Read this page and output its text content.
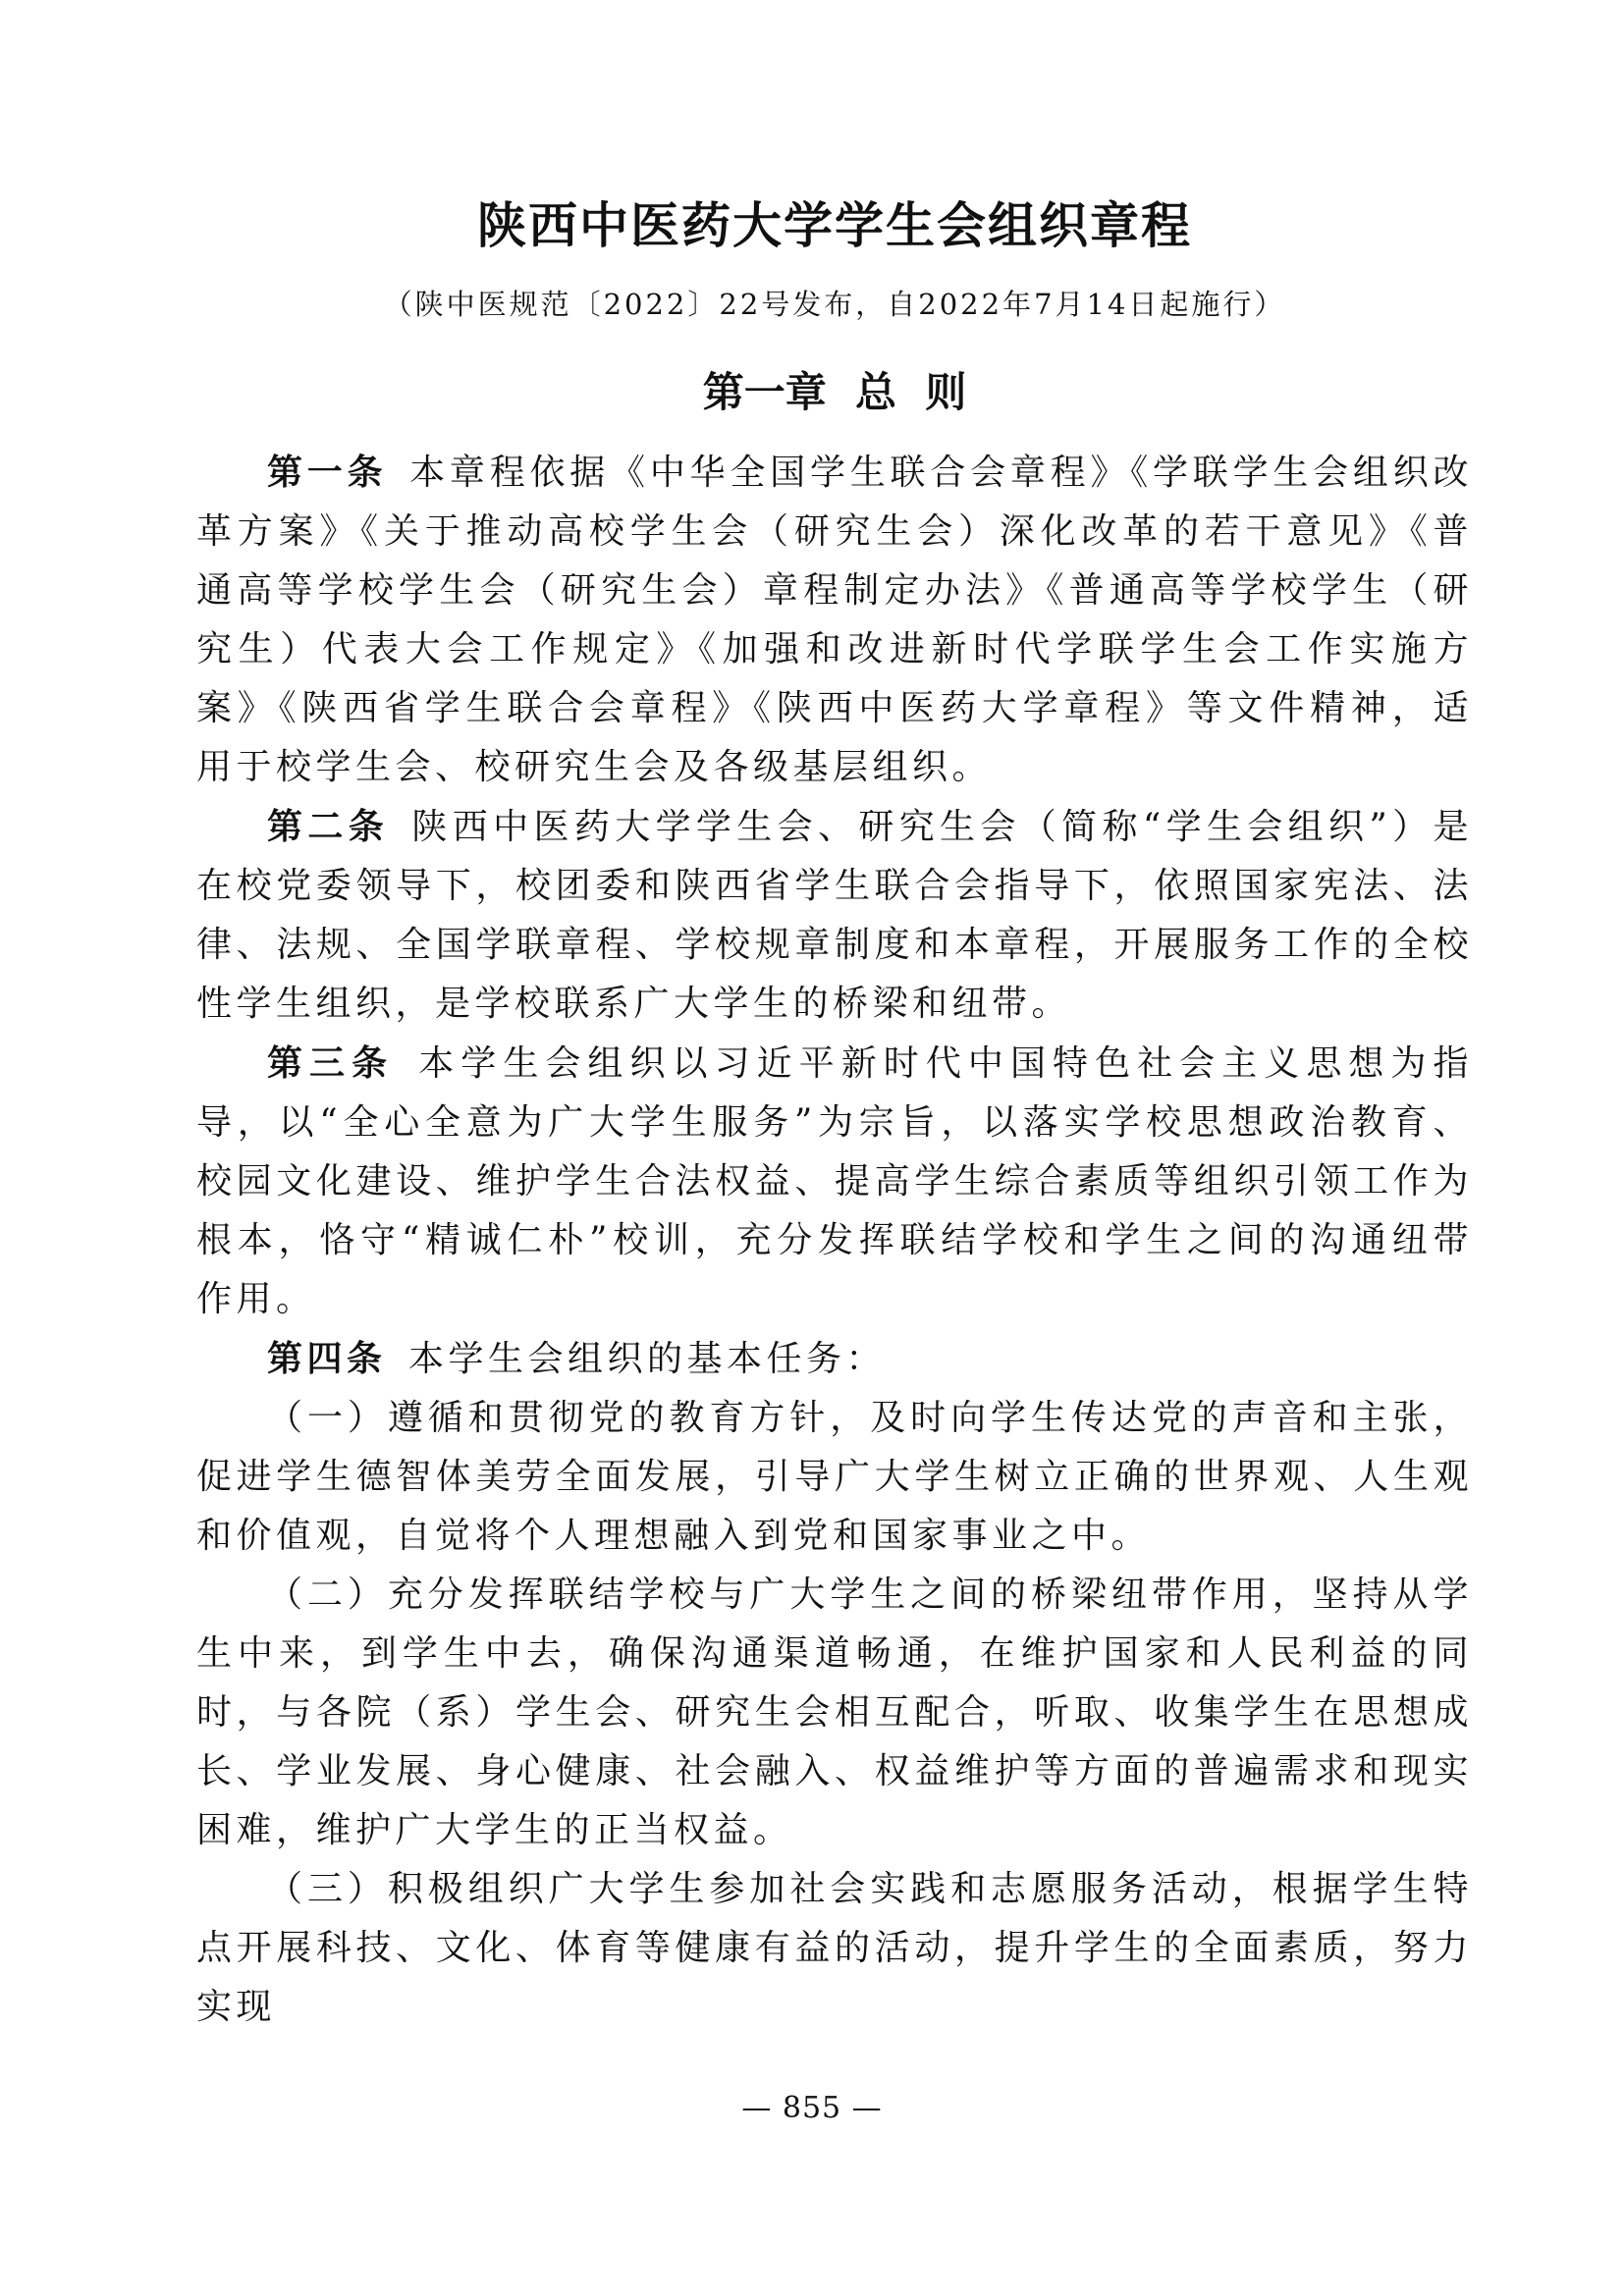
陕西中医药大学学生会组织章程
（陕中医规范〔2022〕22号发布，自2022年7月14日起施行）
第一章  总  则

第一条  本章程依据《中华全国学生联合会章程》《学联学生会组织改革方案》《关于推动高校学生会（研究生会）深化改革的若干意见》《普通高等学校学生会（研究生会）章程制定办法》《普通高等学校学生（研究生）代表大会工作规定》《加强和改进新时代学联学生会工作实施方案》《陕西省学生联合会章程》《陕西中医药大学章程》等文件精神，适用于校学生会、校研究生会及各级基层组织。

第二条  陕西中医药大学学生会、研究生会（简称“学生会组织”）是在校党委领导下，校团委和陕西省学生联合会指导下，依照国家宪法、法律、法规、全国学联章程、学校规章制度和本章程，开展服务工作的全校性学生组织，是学校联系广大学生的桥梁和纽带。

第三条  本学生会组织以习近平新时代中国特色社会主义思想为指导，以“全心全意为广大学生服务”为宗旨，以落实学校思想政治教育、校园文化建设、维护学生合法权益、提高学生综合素质等组织引领工作为根本，恪守“精诚仁朴”校训，充分发挥联结学校和学生之间的沟通纽带作用。

第四条  本学生会组织的基本任务：

（一）遵循和贯彻党的教育方针，及时向学生传达党的声音和主张，促进学生德智体美劳全面发展，引导广大学生树立正确的世界观、人生观和价值观，自觉将个人理想融入到党和国家事业之中。

（二）充分发挥联结学校与广大学生之间的桥梁纽带作用，坚持从学生中来，到学生中去，确保沟通渠道畅通，在维护国家和人民利益的同时，与各院（系）学生会、研究生会相互配合，听取、收集学生在思想成长、学业发展、身心健康、社会融入、权益维护等方面的普遍需求和现实困难，维护广大学生的正当权益。

（三）积极组织广大学生参加社会实践和志愿服务活动，根据学生特点开展科技、文化、体育等健康有益的活动，提升学生的全面素质，努力实现

— 855 —
